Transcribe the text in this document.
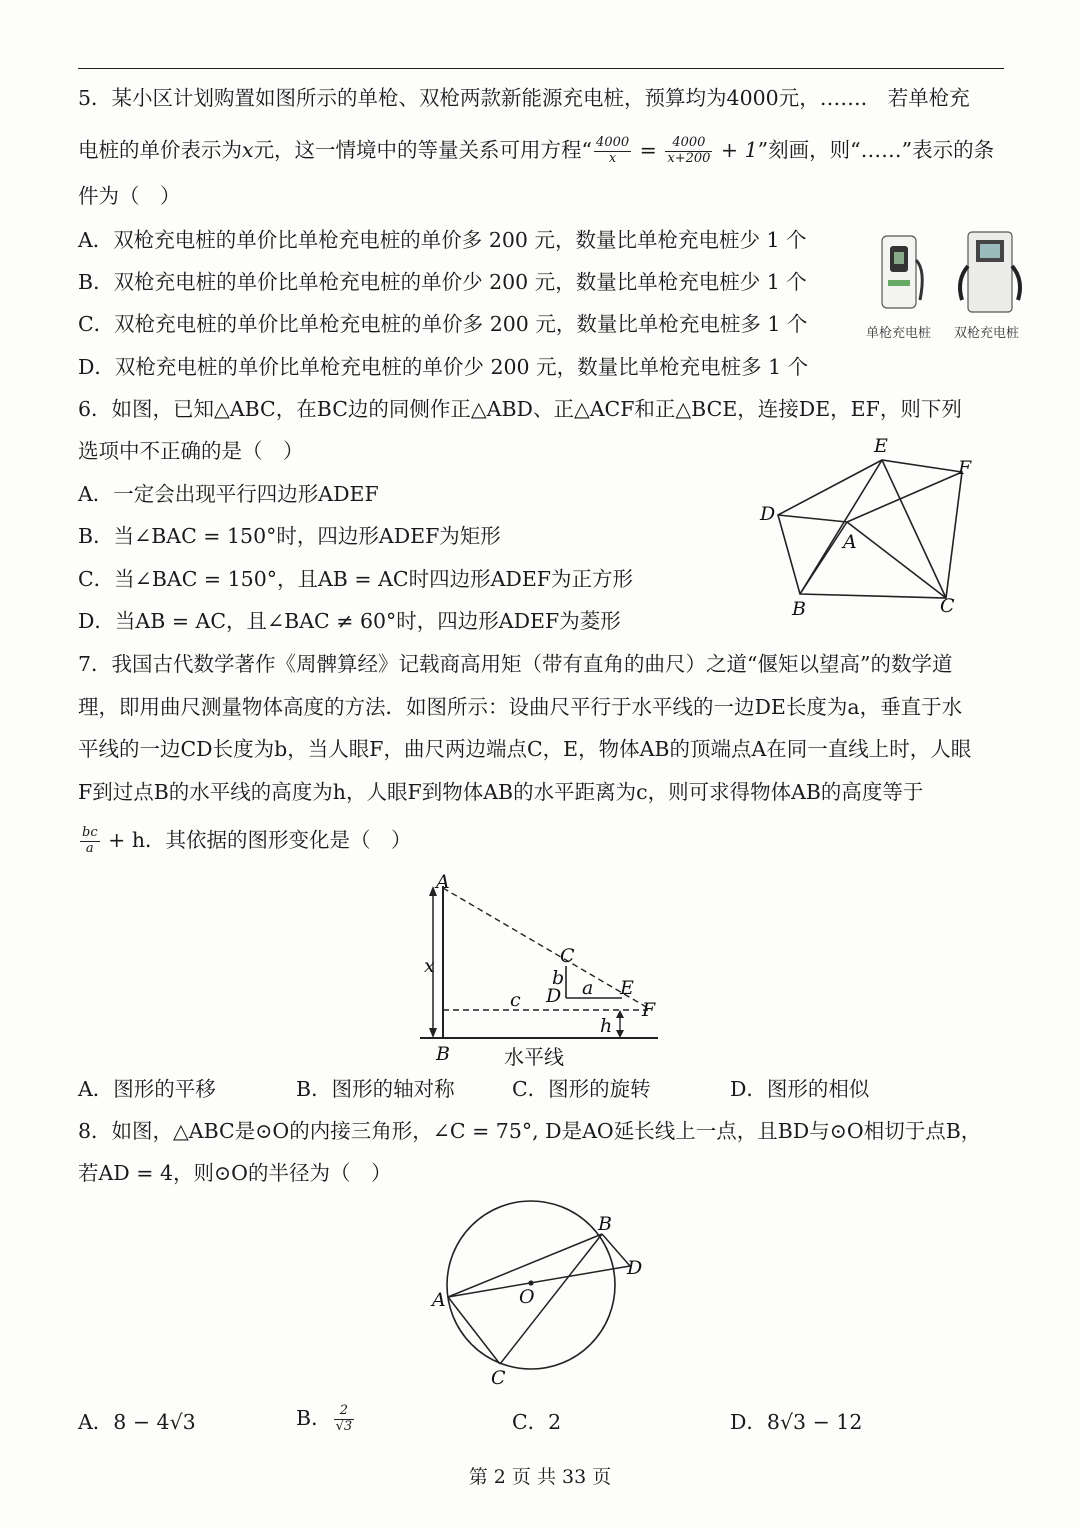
5．某小区计划购置如图所示的单枪、双枪两款新能源充电桩，预算均为4000元，……． 若单枪充
电桩的单价表示为x元，这一情境中的等量关系可用方程“ $\frac{4000}{x} = \frac{4000}{x+200} + 1$”刻画，则“……”表示的条
件为（　）
A．双枪充电桩的单价比单枪充电桩的单价多 200 元，数量比单枪充电桩少 1 个
B．双枪充电桩的单价比单枪充电桩的单价少 200 元，数量比单枪充电桩少 1 个
C．双枪充电桩的单价比单枪充电桩的单价多 200 元，数量比单枪充电桩多 1 个
D．双枪充电桩的单价比单枪充电桩的单价少 200 元，数量比单枪充电桩多 1 个
单枪充电桩 双枪充电桩
6．如图，已知△ABC，在BC边的同侧作正△ABD、正△ACF和正△BCE，连接DE，EF，则下列
选项中不正确的是（　）
A．一定会出现平行四边形ADEF
B．当∠BAC = 150°时，四边形ADEF为矩形
C．当∠BAC = 150°，且AB = AC时四边形ADEF为正方形
D．当AB = AC，且∠BAC ≠ 60°时，四边形ADEF为菱形
E
F
D
A
B	C
7．我国古代数学著作《周髀算经》记载商高用矩（带有直角的曲尺）之道“偃矩以望高”的数学道
理，即用曲尺测量物体高度的方法．如图所示：设曲尺平行于水平线的一边DE长度为a，垂直于水
平线的一边CD长度为b，当人眼F，曲尺两边端点C，E，物体AB的顶端点A在同一直线上时，人眼
F到过点B的水平线的高度为h，人眼F到物体AB的水平距离为c，则可求得物体AB的高度等于
$\frac{bc}{a} + h$．其依据的图形变化是（　）
A
x	C
b
D a E
F
c
h
B	水平线
A．图形的平移	B．图形的轴对称	C．图形的旋转	D．图形的相似
8．如图，△ABC是⊙O的内接三角形，∠C = 75°, D是AO延长线上一点，且BD与⊙O相切于点B，
若AD = 4，则⊙O的半径为（　）
B
D
A	O
C
A．8 − 4√3	B． $\frac{2}{√3}$	C．2	D．8√3 − 12
第 2 页 共 33 页
